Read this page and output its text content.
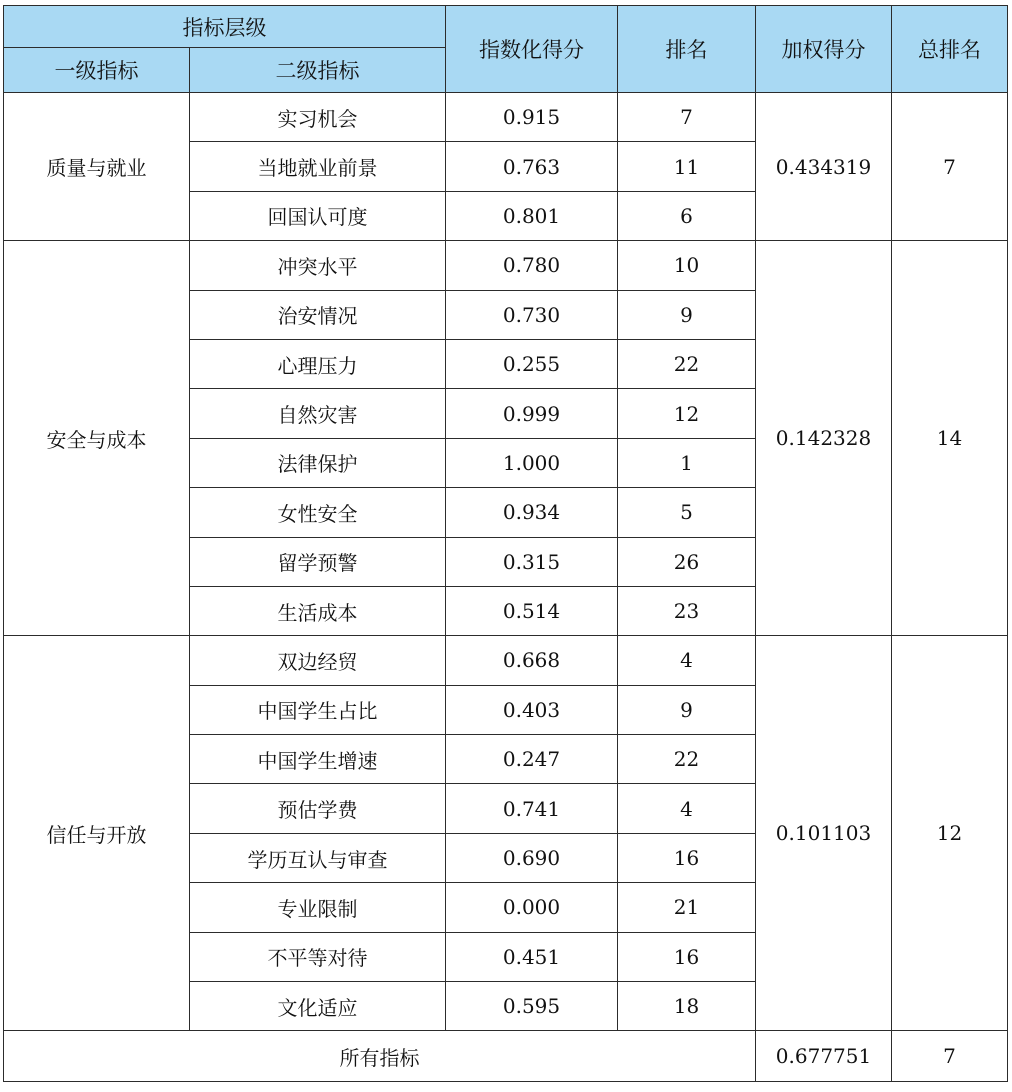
指标层级		指数化得分	排名	加权得分	总排名
一级指标	二级指标				
质量与就业	实习机会	0.915	7	0.434319	7
	当地就业前景	0.763	11		
	回国认可度	0.801	6		
安全与成本	冲突水平	0.780	10	0.142328	14
	治安情况	0.730	9		
	心理压力	0.255	22		
	自然灾害	0.999	12		
	法律保护	1.000	1		
	女性安全	0.934	5		
	留学预警	0.315	26		
	生活成本	0.514	23		
信任与开放	双边经贸	0.668	4	0.101103	12
	中国学生占比	0.403	9		
	中国学生增速	0.247	22		
	预估学费	0.741	4		
	学历互认与审查	0.690	16		
	专业限制	0.000	21		
	不平等对待	0.451	16		
	文化适应	0.595	18		
所有指标				0.677751	7
